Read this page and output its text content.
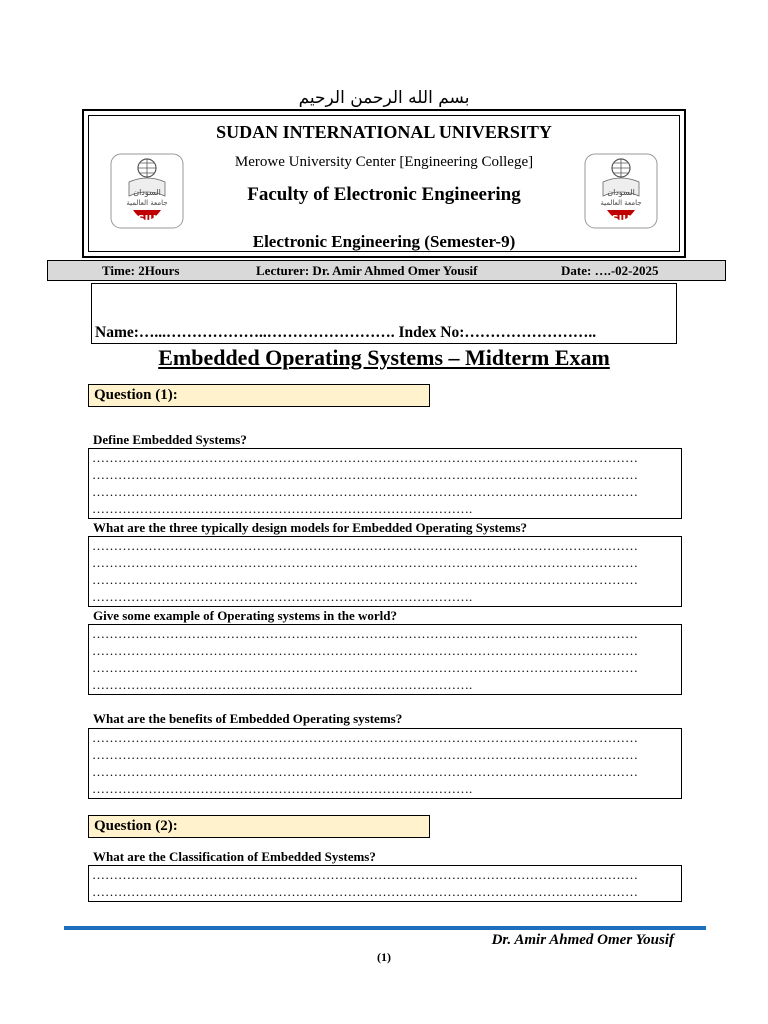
بسم الله الرحمن الرحيم
السودان
جامعة العالمية
SIU
SUDAN INTERNATIONAL UNIVERSITY
Merowe University Center [Engineering College]
Faculty of Electronic Engineering
Electronic Engineering (Semester-9)
السودان
جامعة العالمية
SIU
Time: 2Hours	Lecturer: Dr. Amir Ahmed Omer Yousif	Date: ….-02-2025
Name:…...………………..……………………. Index No:……………………..
Embedded Operating Systems – Midterm Exam
Question (1):
Define Embedded Systems?
………………………………………………………………………………………………………………
………………………………………………………………………………………………………………
………………………………………………………………………………………………………………
…………………………………………………………………………….
What are the three typically design models for Embedded Operating Systems?
………………………………………………………………………………………………………………
………………………………………………………………………………………………………………
………………………………………………………………………………………………………………
…………………………………………………………………………….
Give some example of Operating systems in the world?
………………………………………………………………………………………………………………
………………………………………………………………………………………………………………
………………………………………………………………………………………………………………
…………………………………………………………………………….
What are the benefits of Embedded Operating systems?
………………………………………………………………………………………………………………
………………………………………………………………………………………………………………
………………………………………………………………………………………………………………
…………………………………………………………………………….
Question (2):
What are the Classification of Embedded Systems?
………………………………………………………………………………………………………………
………………………………………………………………………………………………………………
Dr. Amir Ahmed Omer Yousif
(1)
